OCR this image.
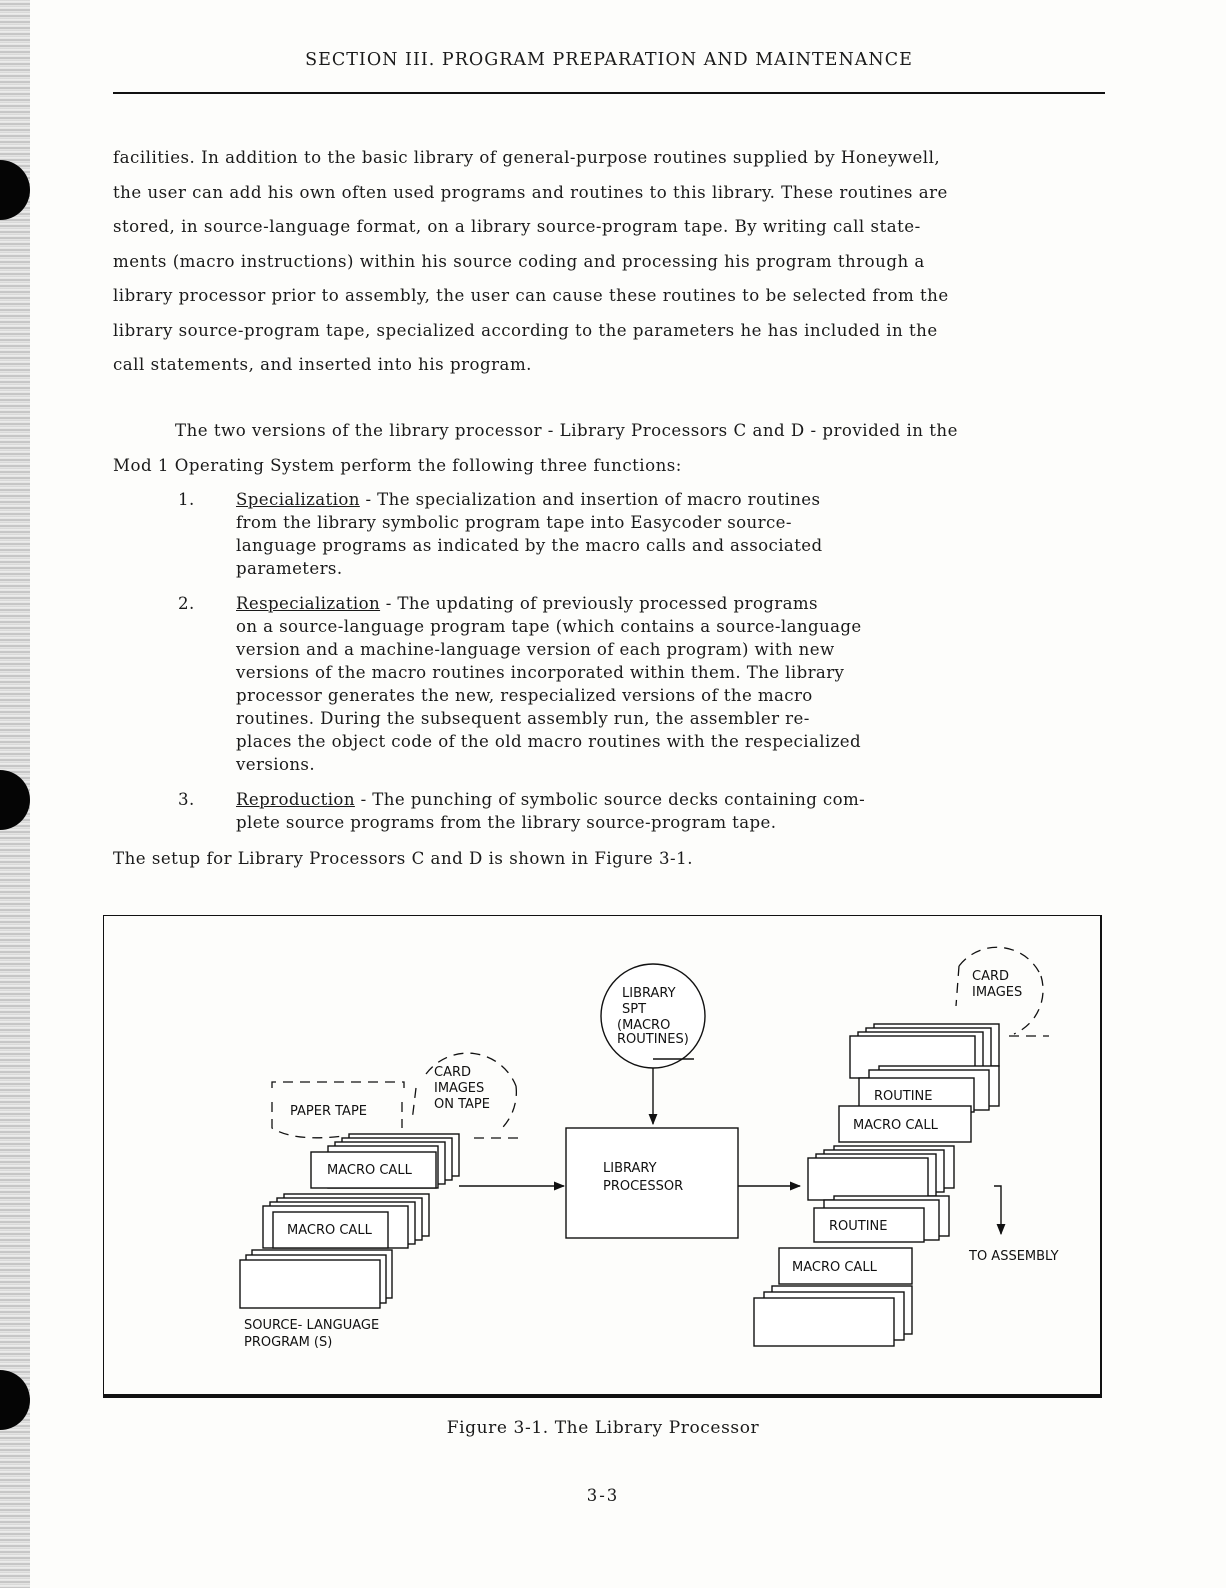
SECTION III. PROGRAM PREPARATION AND MAINTENANCE
facilities. In addition to the basic library of general-purpose routines supplied by Honeywell,
the user can add his own often used programs and routines to this library. These routines are
stored, in source-language format, on a library source-program tape. By writing call state-
ments (macro instructions) within his source coding and processing his program through a
library processor prior to assembly, the user can cause these routines to be selected from the
library source-program tape, specialized according to the parameters he has included in the
call statements, and inserted into his program.
The two versions of the library processor - Library Processors C and D - provided in the
Mod 1 Operating System perform the following three functions:
1. Specialization - The specialization and insertion of macro routines
from the library symbolic program tape into Easycoder source-
language programs as indicated by the macro calls and associated
parameters.
2. Respecialization - The updating of previously processed programs
on a source-language program tape (which contains a source-language
version and a machine-language version of each program) with new
versions of the macro routines incorporated within them. The library
processor generates the new, respecialized versions of the macro
routines. During the subsequent assembly run, the assembler re-
places the object code of the old macro routines with the respecialized
versions.
3. Reproduction - The punching of symbolic source decks containing com-
plete source programs from the library source-program tape.
The setup for Library Processors C and D is shown in Figure 3-1.
LIBRARY
SPT
(MACRO
ROUTINES)
LIBRARY
PROCESSOR
CARD
IMAGES
ON TAPE
PAPER TAPE
MACRO CALL
MACRO CALL
SOURCE- LANGUAGE
PROGRAM (S)
CARD
IMAGES
ROUTINE
MACRO CALL
ROUTINE
MACRO CALL
TO ASSEMBLY
Figure 3-1. The Library Processor
3-3
